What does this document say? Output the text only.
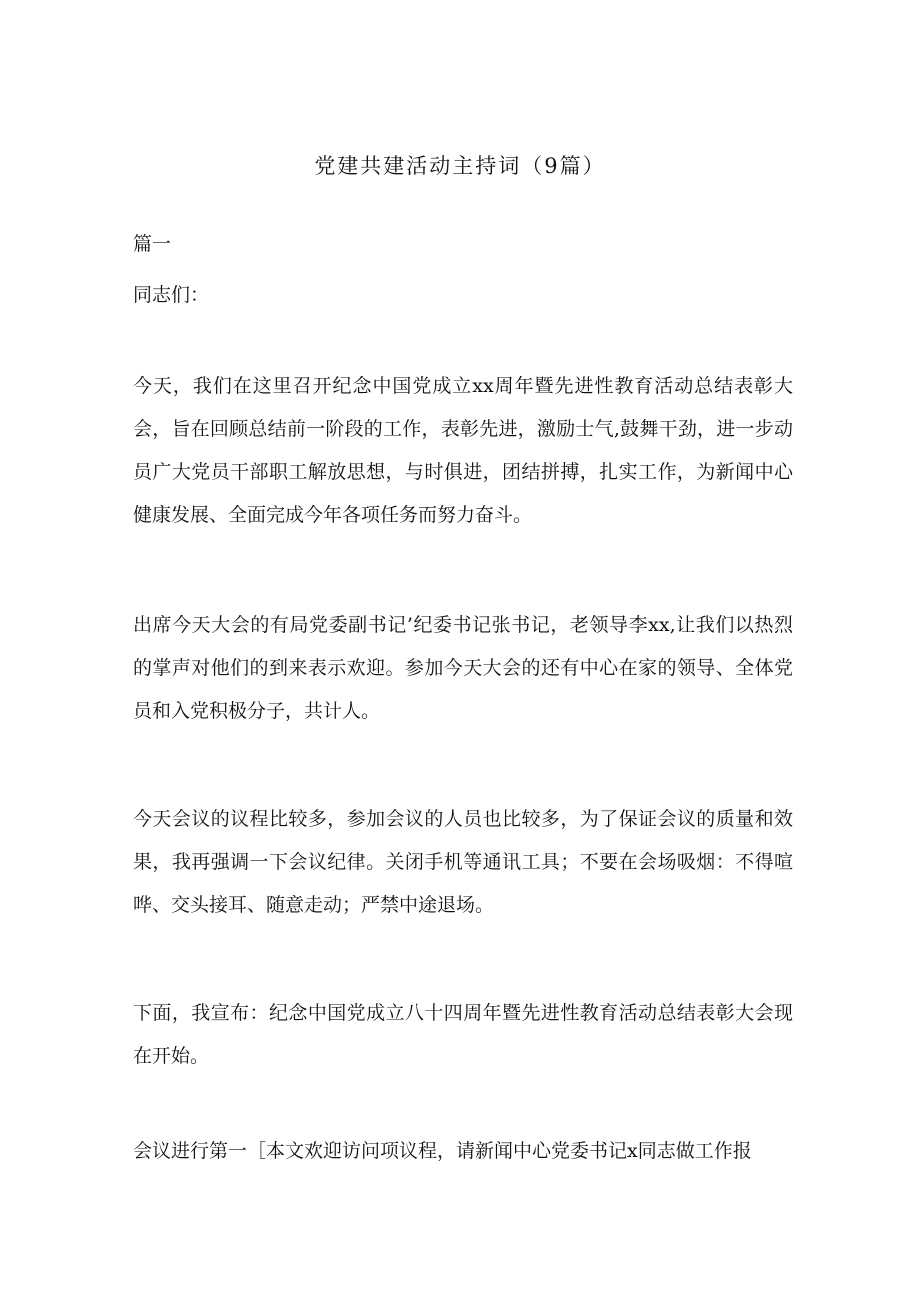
党建共建活动主持词（9篇）

篇一

同志们：

今天，我们在这里召开纪念中国党成立xx周年暨先进性教育活动总结表彰大会，旨在回顾总结前一阶段的工作，表彰先进，激励士气,鼓舞干劲，进一步动员广大党员干部职工解放思想，与时俱进，团结拼搏，扎实工作，为新闻中心健康发展、全面完成今年各项任务而努力奋斗。

出席今天大会的有局党委副书记’纪委书记张书记，老领导李xx,让我们以热烈的掌声对他们的到来表示欢迎。参加今天大会的还有中心在家的领导、全体党员和入党积极分子，共计人。

今天会议的议程比较多，参加会议的人员也比较多，为了保证会议的质量和效果，我再强调一下会议纪律。关闭手机等通讯工具；不要在会场吸烟：不得喧哗、交头接耳、随意走动；严禁中途退场。

下面，我宣布：纪念中国党成立八十四周年暨先进性教育活动总结表彰大会现在开始。

会议进行第一［本文欢迎访问项议程，请新闻中心党委书记x同志做工作报
